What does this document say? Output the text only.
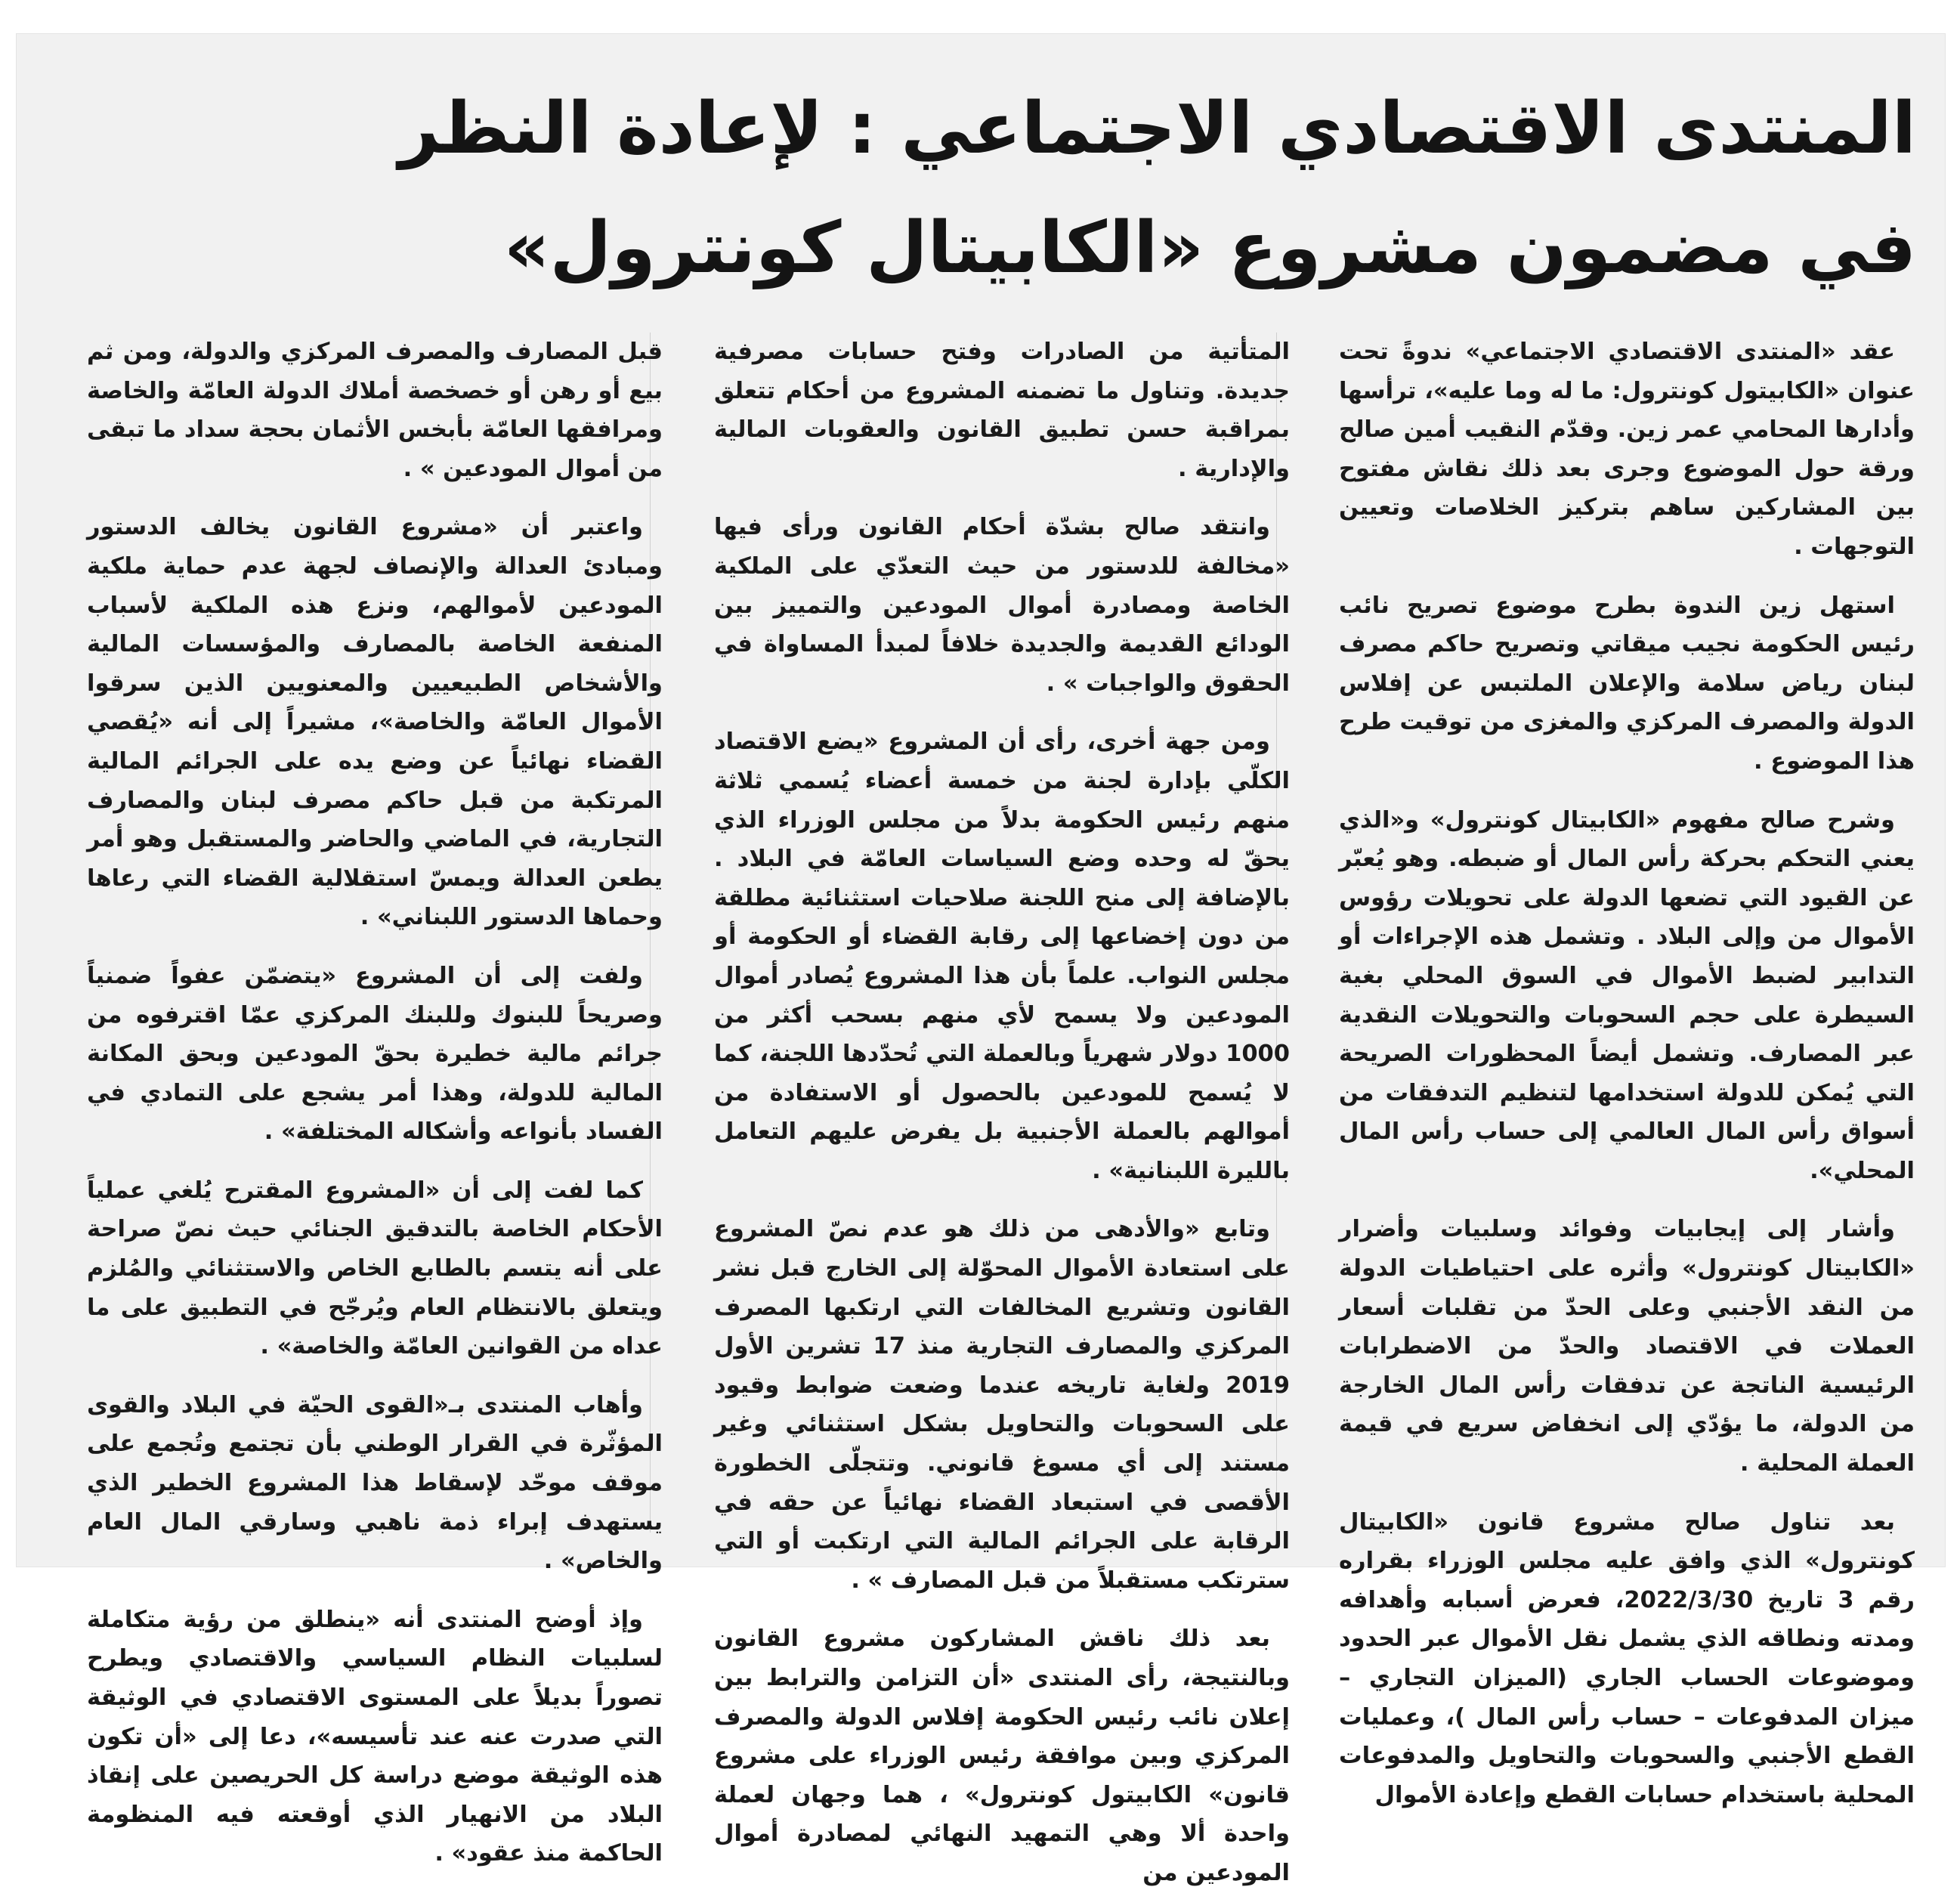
المنتدى الاقتصادي الاجتماعي : لإعادة النظر
في مضمون مشروع «الكابيتال كونترول»

عقد «المنتدى الاقتصادي الاجتماعي» ندوةً تحت عنوان «الكابيتول كونترول: ما له وما عليه»، ترأسها وأدارها المحامي عمر زين. وقدّم النقيب أمين صالح ورقة حول الموضوع وجرى بعد ذلك نقاش مفتوح بين المشاركين ساهم بتركيز الخلاصات وتعيين التوجهات .

استهل زين الندوة بطرح موضوع تصريح نائب رئيس الحكومة نجيب ميقاتي وتصريح حاكم مصرف لبنان رياض سلامة والإعلان الملتبس عن إفلاس الدولة والمصرف المركزي والمغزى من توقيت طرح هذا الموضوع .

وشرح صالح مفهوم «الكابيتال كونترول» و«الذي يعني التحكم بحركة رأس المال أو ضبطه. وهو يُعبّر عن القيود التي تضعها الدولة على تحويلات رؤوس الأموال من وإلى البلاد . وتشمل هذه الإجراءات أو التدابير لضبط الأموال في السوق المحلي بغية السيطرة على حجم السحوبات والتحويلات النقدية عبر المصارف. وتشمل أيضاً المحظورات الصريحة التي يُمكن للدولة استخدامها لتنظيم التدفقات من أسواق رأس المال العالمي إلى حساب رأس المال المحلي».

وأشار إلى إيجابيات وفوائد وسلبيات وأضرار «الكابيتال كونترول» وأثره على احتياطيات الدولة من النقد الأجنبي وعلى الحدّ من تقلبات أسعار العملات في الاقتصاد والحدّ من الاضطرابات الرئيسية الناتجة عن تدفقات رأس المال الخارجة من الدولة، ما يؤدّي إلى انخفاض سريع في قيمة العملة المحلية .

بعد تناول صالح مشروع قانون «الكابيتال كونترول» الذي وافق عليه مجلس الوزراء بقراره رقم 3 تاريخ 2022/3/30، فعرض أسبابه وأهدافه ومدته ونطاقه الذي يشمل نقل الأموال عبر الحدود وموضوعات الحساب الجاري (الميزان التجاري – ميزان المدفوعات – حساب رأس المال )، وعمليات القطع الأجنبي والسحوبات والتحاويل والمدفوعات المحلية باستخدام حسابات القطع وإعادة الأموال

المتأتية من الصادرات وفتح حسابات مصرفية جديدة. وتناول ما تضمنه المشروع من أحكام تتعلق بمراقبة حسن تطبيق القانون والعقوبات المالية والإدارية .

وانتقد صالح بشدّة أحكام القانون ورأى فيها «مخالفة للدستور من حيث التعدّي على الملكية الخاصة ومصادرة أموال المودعين والتمييز بين الودائع القديمة والجديدة خلافاً لمبدأ المساواة في الحقوق والواجبات » .

ومن جهة أخرى، رأى أن المشروع «يضع الاقتصاد الكلّي بإدارة لجنة من خمسة أعضاء يُسمي ثلاثة منهم رئيس الحكومة بدلاً من مجلس الوزراء الذي يحقّ له وحده وضع السياسات العامّة في البلاد . بالإضافة إلى منح اللجنة صلاحيات استثنائية مطلقة من دون إخضاعها إلى رقابة القضاء أو الحكومة أو مجلس النواب. علماً بأن هذا المشروع يُصادر أموال المودعين ولا يسمح لأي منهم بسحب أكثر من 1000 دولار شهرياً وبالعملة التي تُحدّدها اللجنة، كما لا يُسمح للمودعين بالحصول أو الاستفادة من أموالهم بالعملة الأجنبية بل يفرض عليهم التعامل بالليرة اللبنانية» .

وتابع «والأدهى من ذلك هو عدم نصّ المشروع على استعادة الأموال المحوّلة إلى الخارج قبل نشر القانون وتشريع المخالفات التي ارتكبها المصرف المركزي والمصارف التجارية منذ 17 تشرين الأول 2019 ولغاية تاريخه عندما وضعت ضوابط وقيود على السحوبات والتحاويل بشكل استثنائي وغير مستند إلى أي مسوغ قانوني. وتتجلّى الخطورة الأقصى في استبعاد القضاء نهائياً عن حقه في الرقابة على الجرائم المالية التي ارتكبت أو التي سترتكب مستقبلاً من قبل المصارف » .

بعد ذلك ناقش المشاركون مشروع القانون وبالنتيجة، رأى المنتدى «أن التزامن والترابط بين إعلان نائب رئيس الحكومة إفلاس الدولة والمصرف المركزي وبين موافقة رئيس الوزراء على مشروع قانون» الكابيتول كونترول» ، هما وجهان لعملة واحدة ألا وهي التمهيد النهائي لمصادرة أموال المودعين من

قبل المصارف والمصرف المركزي والدولة، ومن ثم بيع أو رهن أو خصخصة أملاك الدولة العامّة والخاصة ومرافقها العامّة بأبخس الأثمان بحجة سداد ما تبقى من أموال المودعين » .

واعتبر أن «مشروع القانون يخالف الدستور ومبادئ العدالة والإنصاف لجهة عدم حماية ملكية المودعين لأموالهم، ونزع هذه الملكية لأسباب المنفعة الخاصة بالمصارف والمؤسسات المالية والأشخاص الطبيعيين والمعنويين الذين سرقوا الأموال العامّة والخاصة»، مشيراً إلى أنه «يُقصي القضاء نهائياً عن وضع يده على الجرائم المالية المرتكبة من قبل حاكم مصرف لبنان والمصارف التجارية، في الماضي والحاضر والمستقبل وهو أمر يطعن العدالة ويمسّ استقلالية القضاء التي رعاها وحماها الدستور اللبناني» .

ولفت إلى أن المشروع «يتضمّن عفواً ضمنياً وصريحاً للبنوك وللبنك المركزي عمّا اقترفوه من جرائم مالية خطيرة بحقّ المودعين وبحق المكانة المالية للدولة، وهذا أمر يشجع على التمادي في الفساد بأنواعه وأشكاله المختلفة» .

كما لفت إلى أن «المشروع المقترح يُلغي عملياً الأحكام الخاصة بالتدقيق الجنائي حيث نصّ صراحة على أنه يتسم بالطابع الخاص والاستثنائي والمُلزم ويتعلق بالانتظام العام ويُرجّح في التطبيق على ما عداه من القوانين العامّة والخاصة» .

وأهاب المنتدى بـ«القوى الحيّة في البلاد والقوى المؤثّرة في القرار الوطني بأن تجتمع وتُجمع على موقف موحّد لإسقاط هذا المشروع الخطير الذي يستهدف إبراء ذمة ناهبي وسارقي المال العام والخاص» .

وإذ أوضح المنتدى أنه «ينطلق من رؤية متكاملة لسلبيات النظام السياسي والاقتصادي ويطرح تصوراً بديلاً على المستوى الاقتصادي في الوثيقة التي صدرت عنه عند تأسيسه»، دعا إلى «أن تكون هذه الوثيقة موضع دراسة كل الحريصين على إنقاذ البلاد من الانهيار الذي أوقعته فيه المنظومة الحاكمة منذ عقود» .
